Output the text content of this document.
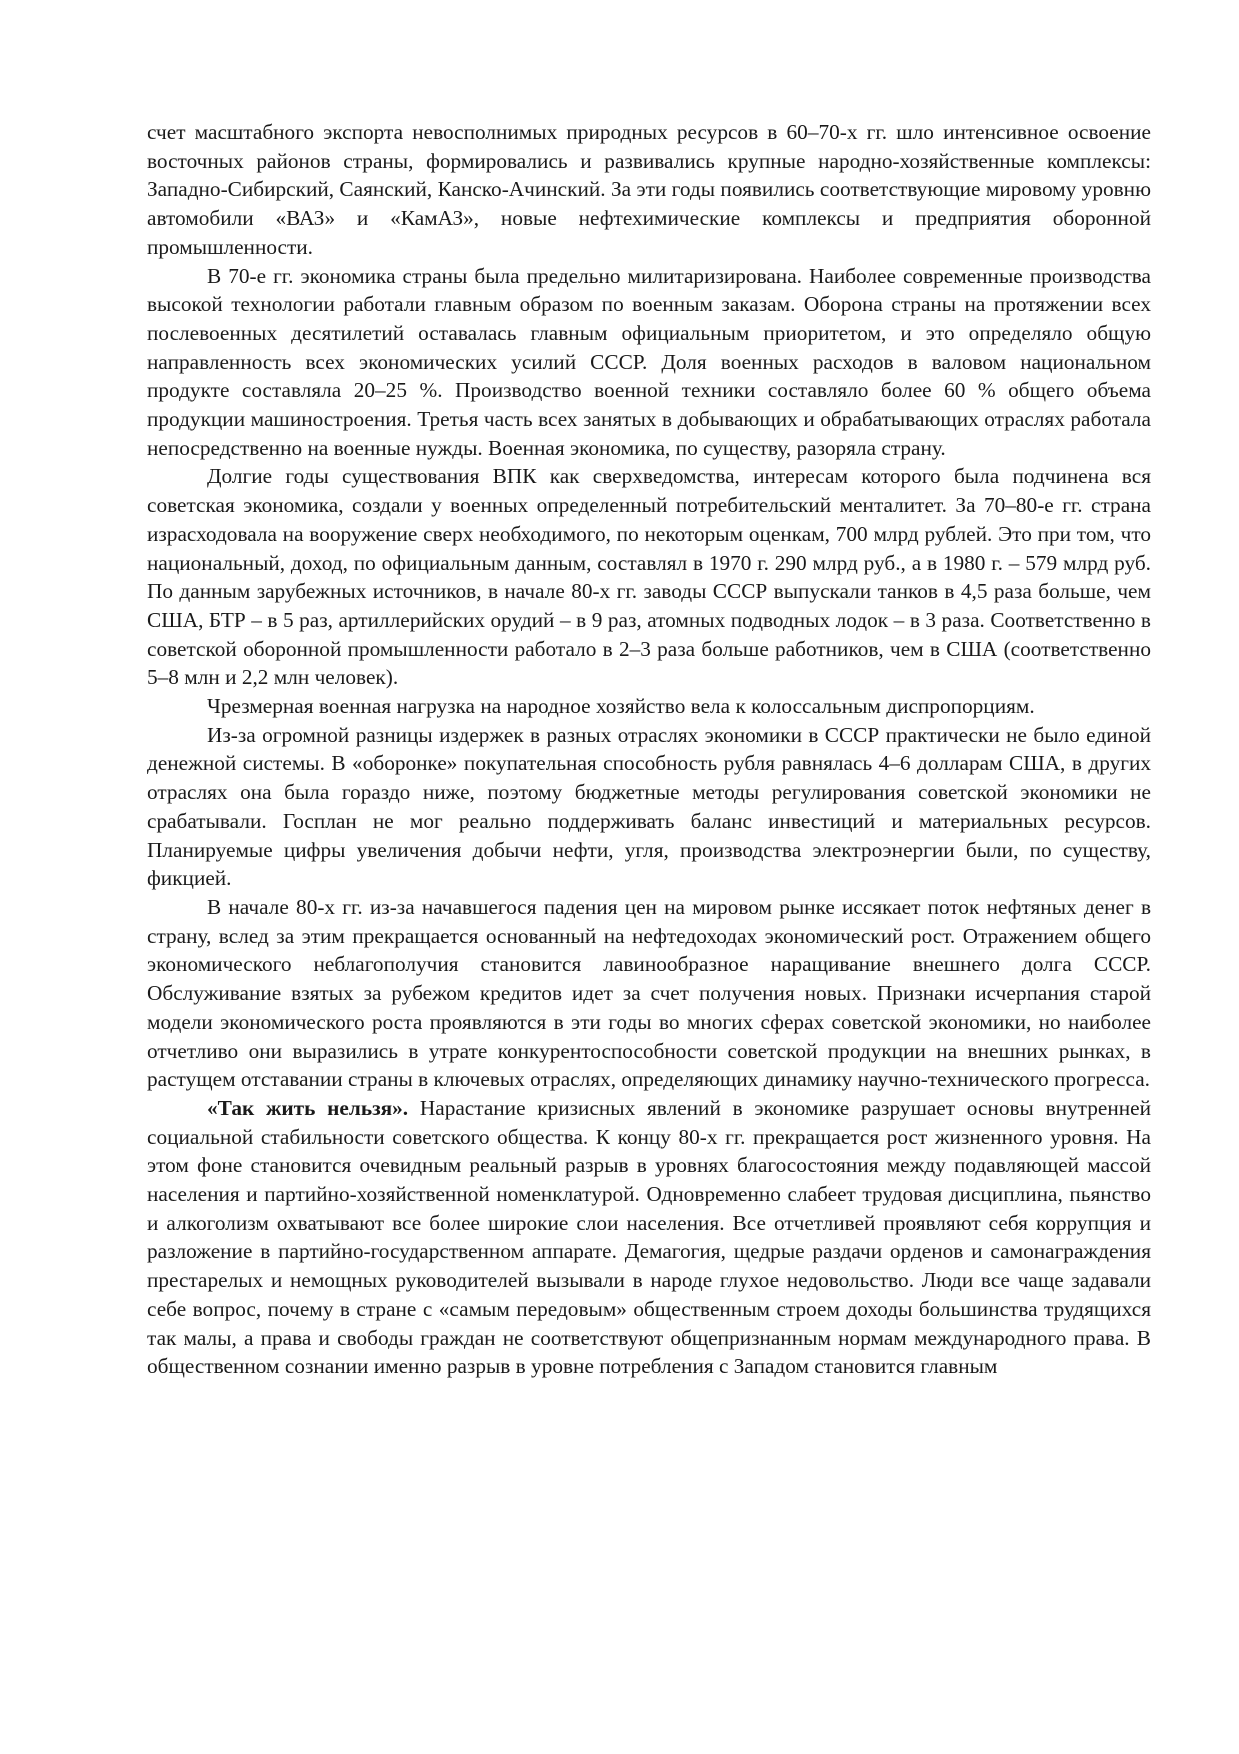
счет масштабного экспорта невосполнимых природных ресурсов в 60–70-х гг. шло интенсивное освоение восточных районов страны, формировались и развивались крупные народно-хозяйственные комплексы: Западно-Сибирский, Саянский, Канско-Ачинский. За эти годы появились соответствующие мировому уровню автомобили «ВАЗ» и «КамАЗ», новые нефтехимические комплексы и предприятия оборонной промышленности.

В 70-е гг. экономика страны была предельно милитаризирована. Наиболее современные производства высокой технологии работали главным образом по военным заказам. Оборона страны на протяжении всех послевоенных десятилетий оставалась главным официальным приоритетом, и это определяло общую направленность всех экономических усилий СССР. Доля военных расходов в валовом национальном продукте составляла 20–25 %. Производство военной техники составляло более 60 % общего объема продукции машиностроения. Третья часть всех занятых в добывающих и обрабатывающих отраслях работала непосредственно на военные нужды. Военная экономика, по существу, разоряла страну.

Долгие годы существования ВПК как сверхведомства, интересам которого была подчинена вся советская экономика, создали у военных определенный потребительский менталитет. За 70–80-е гг. страна израсходовала на вооружение сверх необходимого, по некоторым оценкам, 700 млрд рублей. Это при том, что национальный, доход, по официальным данным, составлял в 1970 г. 290 млрд руб., а в 1980 г. – 579 млрд руб. По данным зарубежных источников, в начале 80-х гг. заводы СССР выпускали танков в 4,5 раза больше, чем США, БТР – в 5 раз, артиллерийских орудий – в 9 раз, атомных подводных лодок – в 3 раза. Соответственно в советской оборонной промышленности работало в 2–3 раза больше работников, чем в США (соответственно 5–8 млн и 2,2 млн человек).

Чрезмерная военная нагрузка на народное хозяйство вела к колоссальным диспропорциям.

Из-за огромной разницы издержек в разных отраслях экономики в СССР практически не было единой денежной системы. В «оборонке» покупательная способность рубля равнялась 4–6 долларам США, в других отраслях она была гораздо ниже, поэтому бюджетные методы регулирования советской экономики не срабатывали. Госплан не мог реально поддерживать баланс инвестиций и материальных ресурсов. Планируемые цифры увеличения добычи нефти, угля, производства электроэнергии были, по существу, фикцией.

В начале 80-х гг. из-за начавшегося падения цен на мировом рынке иссякает поток нефтяных денег в страну, вслед за этим прекращается основанный на нефтедоходах экономический рост. Отражением общего экономического неблагополучия становится лавинообразное наращивание внешнего долга СССР. Обслуживание взятых за рубежом кредитов идет за счет получения новых. Признаки исчерпания старой модели экономического роста проявляются в эти годы во многих сферах советской экономики, но наиболее отчетливо они выразились в утрате конкурентоспособности советской продукции на внешних рынках, в растущем отставании страны в ключевых отраслях, определяющих динамику научно-технического прогресса.

«Так жить нельзя». Нарастание кризисных явлений в экономике разрушает основы внутренней социальной стабильности советского общества. К концу 80-х гг. прекращается рост жизненного уровня. На этом фоне становится очевидным реальный разрыв в уровнях благосостояния между подавляющей массой населения и партийно-хозяйственной номенклатурой. Одновременно слабеет трудовая дисциплина, пьянство и алкоголизм охватывают все более широкие слои населения. Все отчетливей проявляют себя коррупция и разложение в партийно-государственном аппарате. Демагогия, щедрые раздачи орденов и самонаграждения престарелых и немощных руководителей вызывали в народе глухое недовольство. Люди все чаще задавали себе вопрос, почему в стране с «самым передовым» общественным строем доходы большинства трудящихся так малы, а права и свободы граждан не соответствуют общепризнанным нормам международного права. В общественном сознании именно разрыв в уровне потребления с Западом становится главным
